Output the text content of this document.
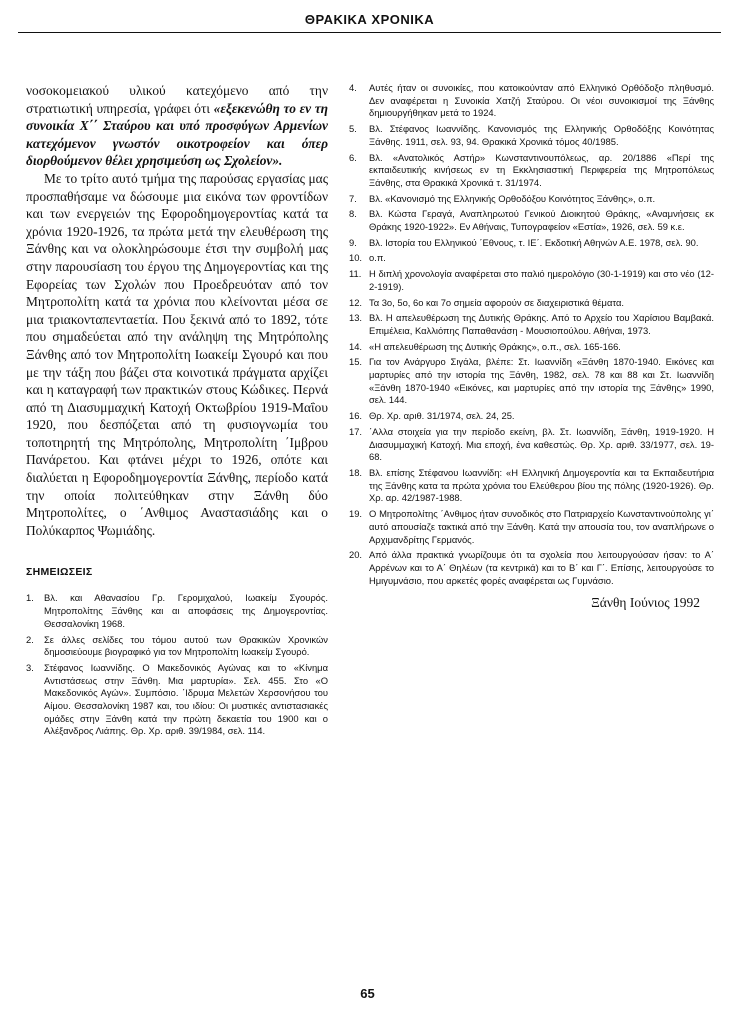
ΘΡΑΚΙΚΑ ΧΡΟΝΙΚΑ

νοσοκομειακού υλικού κατεχόμενο από την στρατιωτική υπηρεσία, γράφει ότι «εξεκενώθη το εν τη συνοικία Χ΄΄ Σταύρου και υπό προσφύγων Αρμενίων κατεχόμενον γνωστόν οικοτροφείον και όπερ διορθούμενον θέλει χρησιμεύση ως Σχολείον».

Με το τρίτο αυτό τμήμα της παρούσας εργασίας μας προσπαθήσαμε να δώσουμε μια εικόνα των φροντίδων και των ενεργειών της Εφοροδημογεροντίας κατά τα χρόνια 1920-1926, τα πρώτα μετά την ελευθέρωση της Ξάνθης και να ολοκληρώσουμε έτσι την συμβολή μας στην παρουσίαση του έργου της Δημογεροντίας και της Εφορείας των Σχολών που Προεδρευόταν από τον Μητροπολίτη κατά τα χρόνια που κλείνονται μέσα σε μια τριακονταπενταετία. Που ξεκινά από το 1892, τότε που σημαδεύεται από την ανάληψη της Μητρόπολης Ξάνθης από τον Μητροπολίτη Ιωακείμ Σγουρό και που με την τάξη που βάζει στα κοινοτικά πράγματα αρχίζει και η καταγραφή των πρακτικών στους Κώδικες. Περνά από τη Διασυμμαχική Κατοχή Οκτωβρίου 1919-Μαΐου 1920, που δεσπόζεται από τη φυσιογνωμία του τοποτηρητή της Μητρόπολης, Μητροπολίτη ΄Ιμβρου Πανάρετου. Και φτάνει μέχρι το 1926, οπότε και διαλύεται η Εφοροδημογεροντία Ξάνθης, περίοδο κατά την οποία πολιτεύθηκαν στην Ξάνθη δύο Μητροπολίτες, ο ΄Ανθιμος Αναστασιάδης και ο Πολύκαρπος Ψωμιάδης.

ΣΗΜΕΙΩΣΕΙΣ
1.	Βλ. και Αθανασίου Γρ. Γερομιχαλού, Ιωακείμ Σγουρός. Μητροπολίτης Ξάνθης και αι αποφάσεις της Δημογεροντίας. Θεσσαλονίκη 1968.
2.	Σε άλλες σελίδες του τόμου αυτού των Θρακικών Χρονικών δημοσιεύουμε βιογραφικό για τον Μητροπολίτη Ιωακείμ Σγουρό.
3.	Στέφανος Ιωαννίδης. Ο Μακεδονικός Αγώνας και το «Κίνημα Αντιστάσεως στην Ξάνθη. Μια μαρτυρία». Σελ. 455. Στο «Ο Μακεδονικός Αγών». Συμπόσιο. ΄Ιδρυμα Μελετών Χερσονήσου του Αίμου. Θεσσαλονίκη 1987 και, του ιδίου: Οι μυστικές αντιστασιακές ομάδες στην Ξάνθη κατά την πρώτη δεκαετία του 1900 και ο Αλέξανδρος Λιάπης. Θρ. Χρ. αριθ. 39/1984, σελ. 114.
4.	Αυτές ήταν οι συνοικίες, που κατοικούνταν από Ελληνικό Ορθόδοξο πληθυσμό. Δεν αναφέρεται η Συνοικία Χατζή Σταύρου. Οι νέοι συνοικισμοί της Ξάνθης δημιουργήθηκαν μετά το 1924.
5.	Βλ. Στέφανος Ιωαννίδης. Κανονισμός της Ελληνικής Ορθοδόξης Κοινότητας Ξάνθης. 1911, σελ. 93, 94. Θρακικά Χρονικά τόμος 40/1985.
6.	Βλ. «Ανατολικός Αστήρ» Κωνσταντινουπόλεως, αρ. 20/1886 «Περί της εκπαιδευτικής κινήσεως εν τη Εκκλησιαστική Περιφερεία της Μητροπόλεως Ξάνθης, στα Θρακικά Χρονικά τ. 31/1974.
7.	Βλ. «Κανονισμό της Ελληνικής Ορθοδόξου Κοινότητος Ξάνθης», ο.π.
8.	Βλ. Κώστα Γεραγά, Αναπληρωτού Γενικού Διοικητού Θράκης, «Αναμνήσεις εκ Θράκης 1920-1922». Εν Αθήναις, Τυπογραφείον «Εστία», 1926, σελ. 59 κ.ε.
9.	Βλ. Ιστορία του Ελληνικού ΄Εθνους, τ. ΙΕ΄. Εκδοτική Αθηνών Α.Ε. 1978, σελ. 90.
10. ο.π.
11. Η διπλή χρονολογία αναφέρεται στο παλιό ημερολόγιο (30-1-1919) και στο νέο (12-2-1919).
12. Τα 3ο, 5ο, 6ο και 7ο σημεία αφορούν σε διαχειριστικά θέματα.
13. Βλ. Η απελευθέρωση της Δυτικής Θράκης. Από το Αρχείο του Χαρίσιου Βαμβακά. Επιμέλεια, Καλλιόπης Παπαθανάση - Μουσιοπούλου. Αθήναι, 1973.
14. «Η απελευθέρωση της Δυτικής Θράκης», ο.π., σελ. 165-166.
15. Για τον Ανάργυρο Σιγάλα, βλέπε: Στ. Ιωαννίδη «Ξάνθη 1870-1940. Εικόνες και μαρτυρίες από την ιστορία της Ξάνθη, 1982, σελ. 78 και 88 και Στ. Ιωαννίδη «Ξάνθη 1870-1940 «Εικόνες, και μαρτυρίες από την ιστορία της Ξάνθης» 1990, σελ. 144.
16. Θρ. Χρ. αριθ. 31/1974, σελ. 24, 25.
17. ΄Αλλα στοιχεία για την περίοδο εκείνη, βλ. Στ. Ιωαννίδη, Ξάνθη, 1919-1920. Η Διασυμμαχική Κατοχή. Μια εποχή, ένα καθεστώς. Θρ. Χρ. αριθ. 33/1977, σελ. 19-68.
18. Βλ. επίσης Στέφανου Ιωαννίδη: «Η Ελληνική Δημογεροντία και τα Εκπαιδευτήρια της Ξάνθης κατα τα πρώτα χρόνια του Ελεύθερου βίου της πόλης (1920-1926). Θρ. Χρ. αρ. 42/1987-1988.
19. Ο Μητροπολίτης ΄Ανθιμος ήταν συνοδικός στο Πατριαρχείο Κωνσταντινούπολης γι΄ αυτό απουσίαζε τακτικά από την Ξάνθη. Κατά την απουσία του, τον αναπλήρωνε ο Αρχιμανδρίτης Γερμανός.
20. Από άλλα πρακτικά γνωρίζουμε ότι τα σχολεία που λειτουργούσαν ήσαν: το Α΄ Αρρένων και το Α΄ Θηλέων (τα κεντρικά) και το Β΄ και Γ΄. Επίσης, λειτουργούσε το Ημιγυμνάσιο, που αρκετές φορές αναφέρεται ως Γυμνάσιο.
Ξάνθη Ιούνιος 1992
65
